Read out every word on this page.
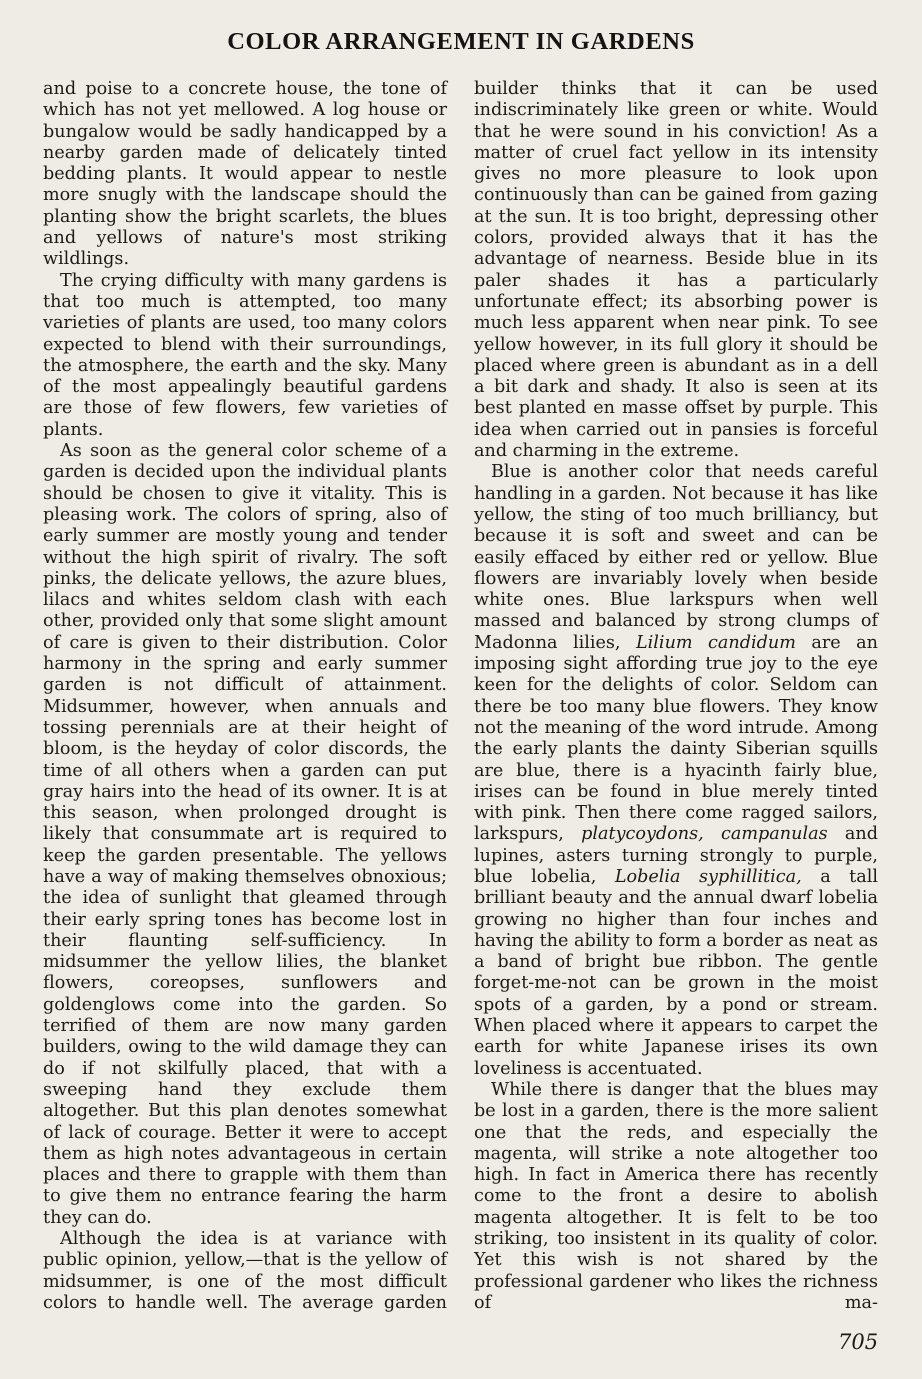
COLOR ARRANGEMENT IN GARDENS

and poise to a concrete house, the tone of which has not yet mellowed. A log house or bungalow would be sadly handicapped by a nearby garden made of delicately tinted bedding plants. It would appear to nestle more snugly with the landscape should the planting show the bright scarlets, the blues and yellows of nature's most striking wildlings.

The crying difficulty with many gardens is that too much is attempted, too many varieties of plants are used, too many colors expected to blend with their surroundings, the atmosphere, the earth and the sky. Many of the most appealingly beautiful gardens are those of few flowers, few varieties of plants.

As soon as the general color scheme of a garden is decided upon the individual plants should be chosen to give it vitality. This is pleasing work. The colors of spring, also of early summer are mostly young and tender without the high spirit of rivalry. The soft pinks, the delicate yellows, the azure blues, lilacs and whites seldom clash with each other, provided only that some slight amount of care is given to their distribution. Color harmony in the spring and early summer garden is not difficult of attainment. Midsummer, however, when annuals and tossing perennials are at their height of bloom, is the heyday of color discords, the time of all others when a garden can put gray hairs into the head of its owner. It is at this season, when prolonged drought is likely that consummate art is required to keep the garden presentable. The yellows have a way of making themselves obnoxious; the idea of sunlight that gleamed through their early spring tones has become lost in their flaunting self-sufficiency. In midsummer the yellow lilies, the blanket flowers, coreopses, sunflowers and goldenglows come into the garden. So terrified of them are now many garden builders, owing to the wild damage they can do if not skilfully placed, that with a sweeping hand they exclude them altogether. But this plan denotes somewhat of lack of courage. Better it were to accept them as high notes advantageous in certain places and there to grapple with them than to give them no entrance fearing the harm they can do.

Although the idea is at variance with public opinion, yellow,—that is the yellow of midsummer, is one of the most difficult colors to handle well. The average garden

builder thinks that it can be used indiscriminately like green or white. Would that he were sound in his conviction! As a matter of cruel fact yellow in its intensity gives no more pleasure to look upon continuously than can be gained from gazing at the sun. It is too bright, depressing other colors, provided always that it has the advantage of nearness. Beside blue in its paler shades it has a particularly unfortunate effect; its absorbing power is much less apparent when near pink. To see yellow however, in its full glory it should be placed where green is abundant as in a dell a bit dark and shady. It also is seen at its best planted en masse offset by purple. This idea when carried out in pansies is forceful and charming in the extreme.

Blue is another color that needs careful handling in a garden. Not because it has like yellow, the sting of too much brilliancy, but because it is soft and sweet and can be easily effaced by either red or yellow. Blue flowers are invariably lovely when beside white ones. Blue larkspurs when well massed and balanced by strong clumps of Madonna lilies, Lilium candidum are an imposing sight affording true joy to the eye keen for the delights of color. Seldom can there be too many blue flowers. They know not the meaning of the word intrude. Among the early plants the dainty Siberian squills are blue, there is a hyacinth fairly blue, irises can be found in blue merely tinted with pink. Then there come ragged sailors, larkspurs, platycoydons, campanulas and lupines, asters turning strongly to purple, blue lobelia, Lobelia syphillitica, a tall brilliant beauty and the annual dwarf lobelia growing no higher than four inches and having the ability to form a border as neat as a band of bright bue ribbon. The gentle forget-me-not can be grown in the moist spots of a garden, by a pond or stream. When placed where it appears to carpet the earth for white Japanese irises its own loveliness is accentuated.

While there is danger that the blues may be lost in a garden, there is the more salient one that the reds, and especially the magenta, will strike a note altogether too high. In fact in America there has recently come to the front a desire to abolish magenta altogether. It is felt to be too striking, too insistent in its quality of color. Yet this wish is not shared by the professional gardener who likes the richness of ma-

705
